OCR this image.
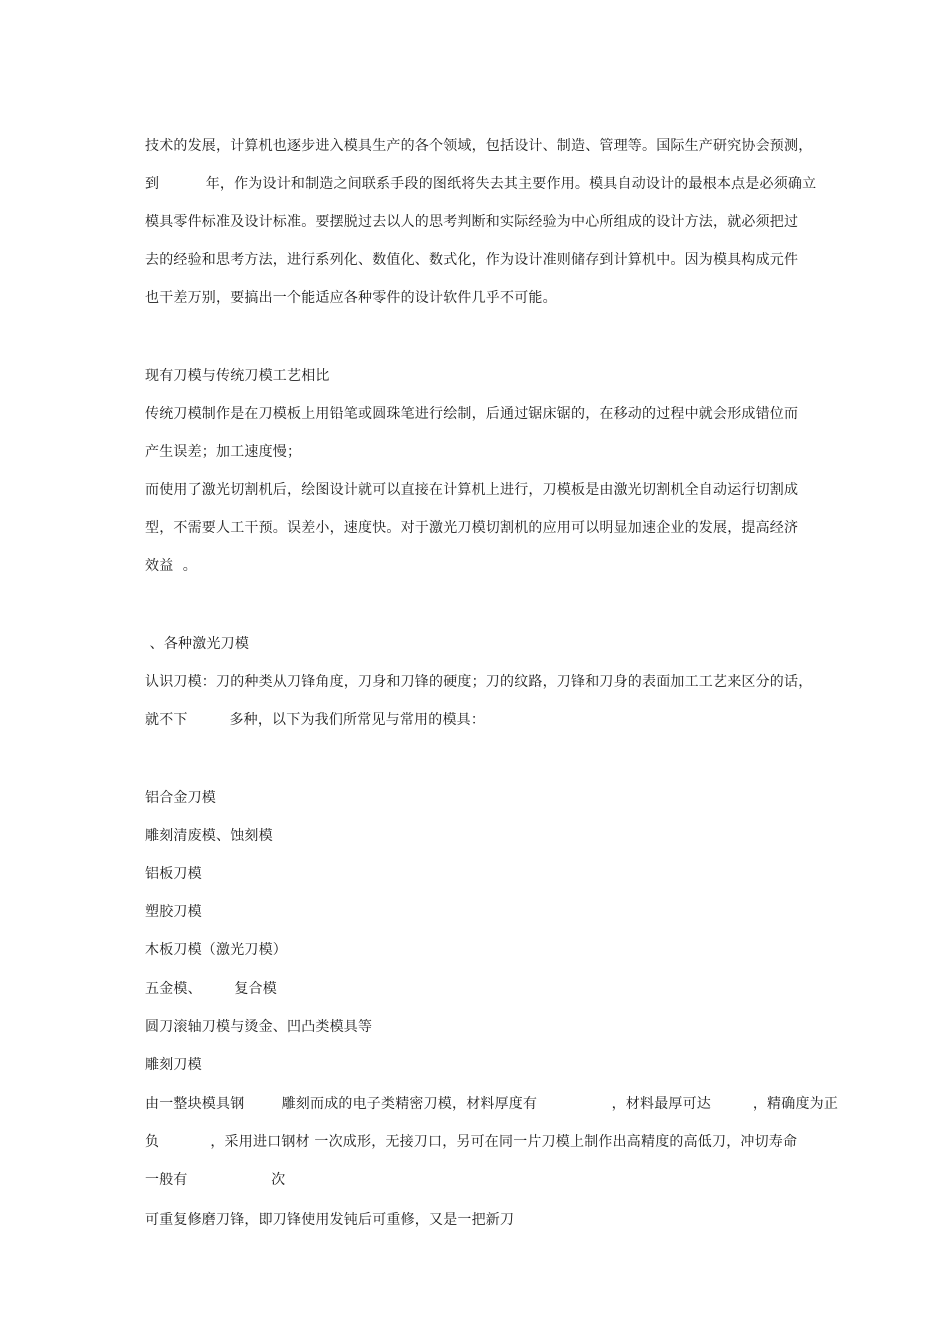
技术的发展，计算机也逐步进入模具生产的各个领域，包括设计、制造、管理等。国际生产研究协会预测，
到          年，作为设计和制造之间联系手段的图纸将失去其主要作用。模具自动设计的最根本点是必须确立
模具零件标准及设计标准。要摆脱过去以人的思考判断和实际经验为中心所组成的设计方法，就必须把过
去的经验和思考方法，进行系列化、数值化、数式化，作为设计准则储存到计算机中。因为模具构成元件
也干差万别，要搞出一个能适应各种零件的设计软件几乎不可能。
现有刀模与传统刀模工艺相比
传统刀模制作是在刀模板上用铅笔或圆珠笔进行绘制，后通过锯床锯的，在移动的过程中就会形成错位而
产生误差；加工速度慢；
而使用了激光切割机后，绘图设计就可以直接在计算机上进行，刀模板是由激光切割机全自动运行切割成
型，不需要人工干预。误差小，速度快。对于激光刀模切割机的应用可以明显加速企业的发展，提高经济
效益  。
、各种激光刀模
认识刀模：刀的种类从刀锋角度，刀身和刀锋的硬度；刀的纹路，刀锋和刀身的表面加工工艺来区分的话，
就不下         多种，以下为我们所常见与常用的模具：
铝合金刀模
雕刻清废模、蚀刻模
铝板刀模
塑胶刀模
木板刀模（激光刀模）
五金模、       复合模
圆刀滚轴刀模与烫金、凹凸类模具等
雕刻刀模
由一整块模具钢        雕刻而成的电子类精密刀模，材料厚度有                ，材料最厚可达         ，精确度为正
负           ，采用进口钢材 一次成形，无接刀口，另可在同一片刀模上制作出高精度的高低刀，冲切寿命
一般有                  次
可重复修磨刀锋，即刀锋使用发钝后可重修，又是一把新刀
